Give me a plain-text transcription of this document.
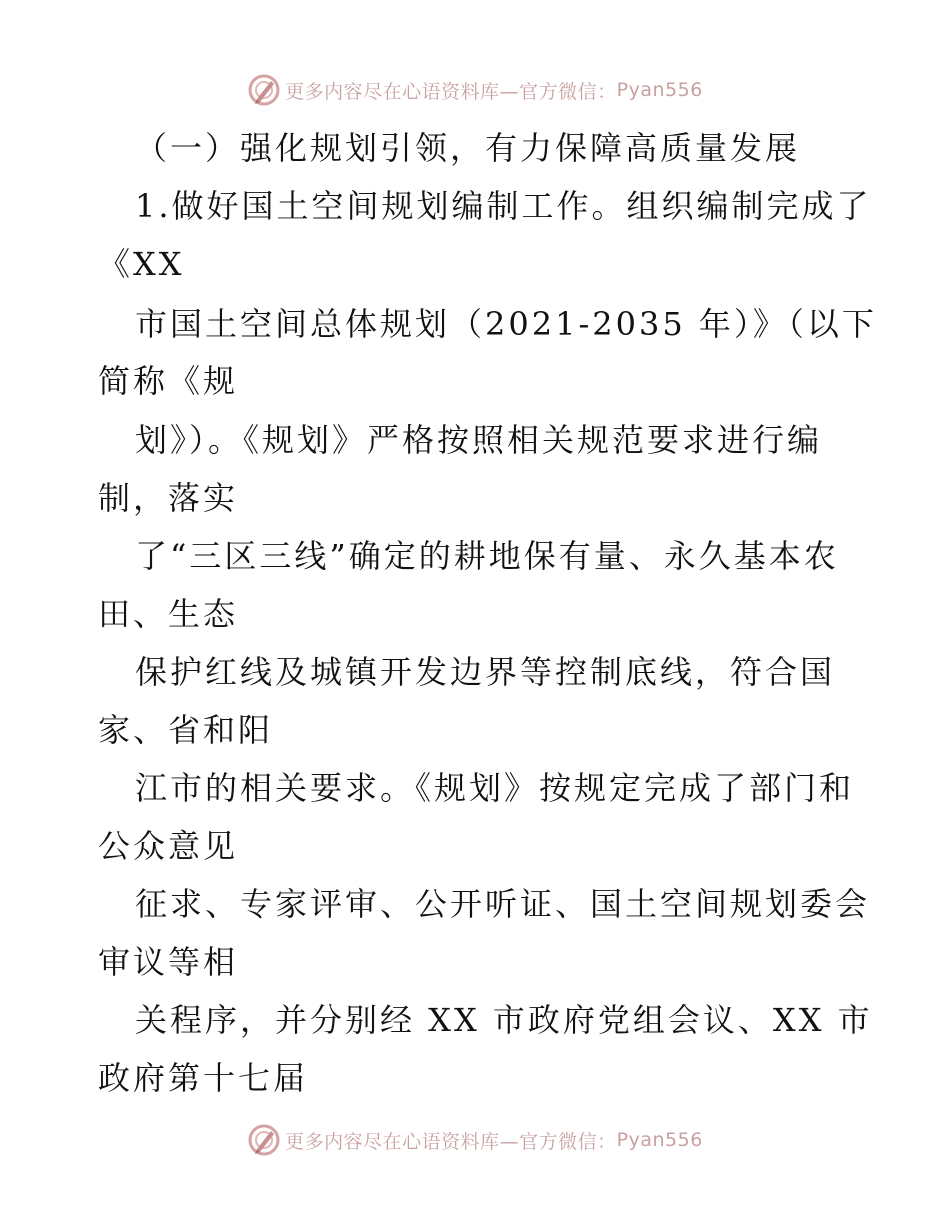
更多内容尽在心语资料库—官方微信： Pyan556
（一）强化规划引领，有力保障高质量发展
1.做好国土空间规划编制工作。组织编制完成了
《XX
市国土空间总体规划（2021-2035 年）》（以下
简称《规
划》）。《规划》严格按照相关规范要求进行编
制，落实
了“三区三线”确定的耕地保有量、永久基本农
田、生态
保护红线及城镇开发边界等控制底线，符合国
家、省和阳
江市的相关要求。《规划》按规定完成了部门和
公众意见
征求、专家评审、公开听证、国土空间规划委会
审议等相
关程序，并分别经 XX 市政府党组会议、XX 市
政府第十七届
更多内容尽在心语资料库—官方微信： Pyan556
